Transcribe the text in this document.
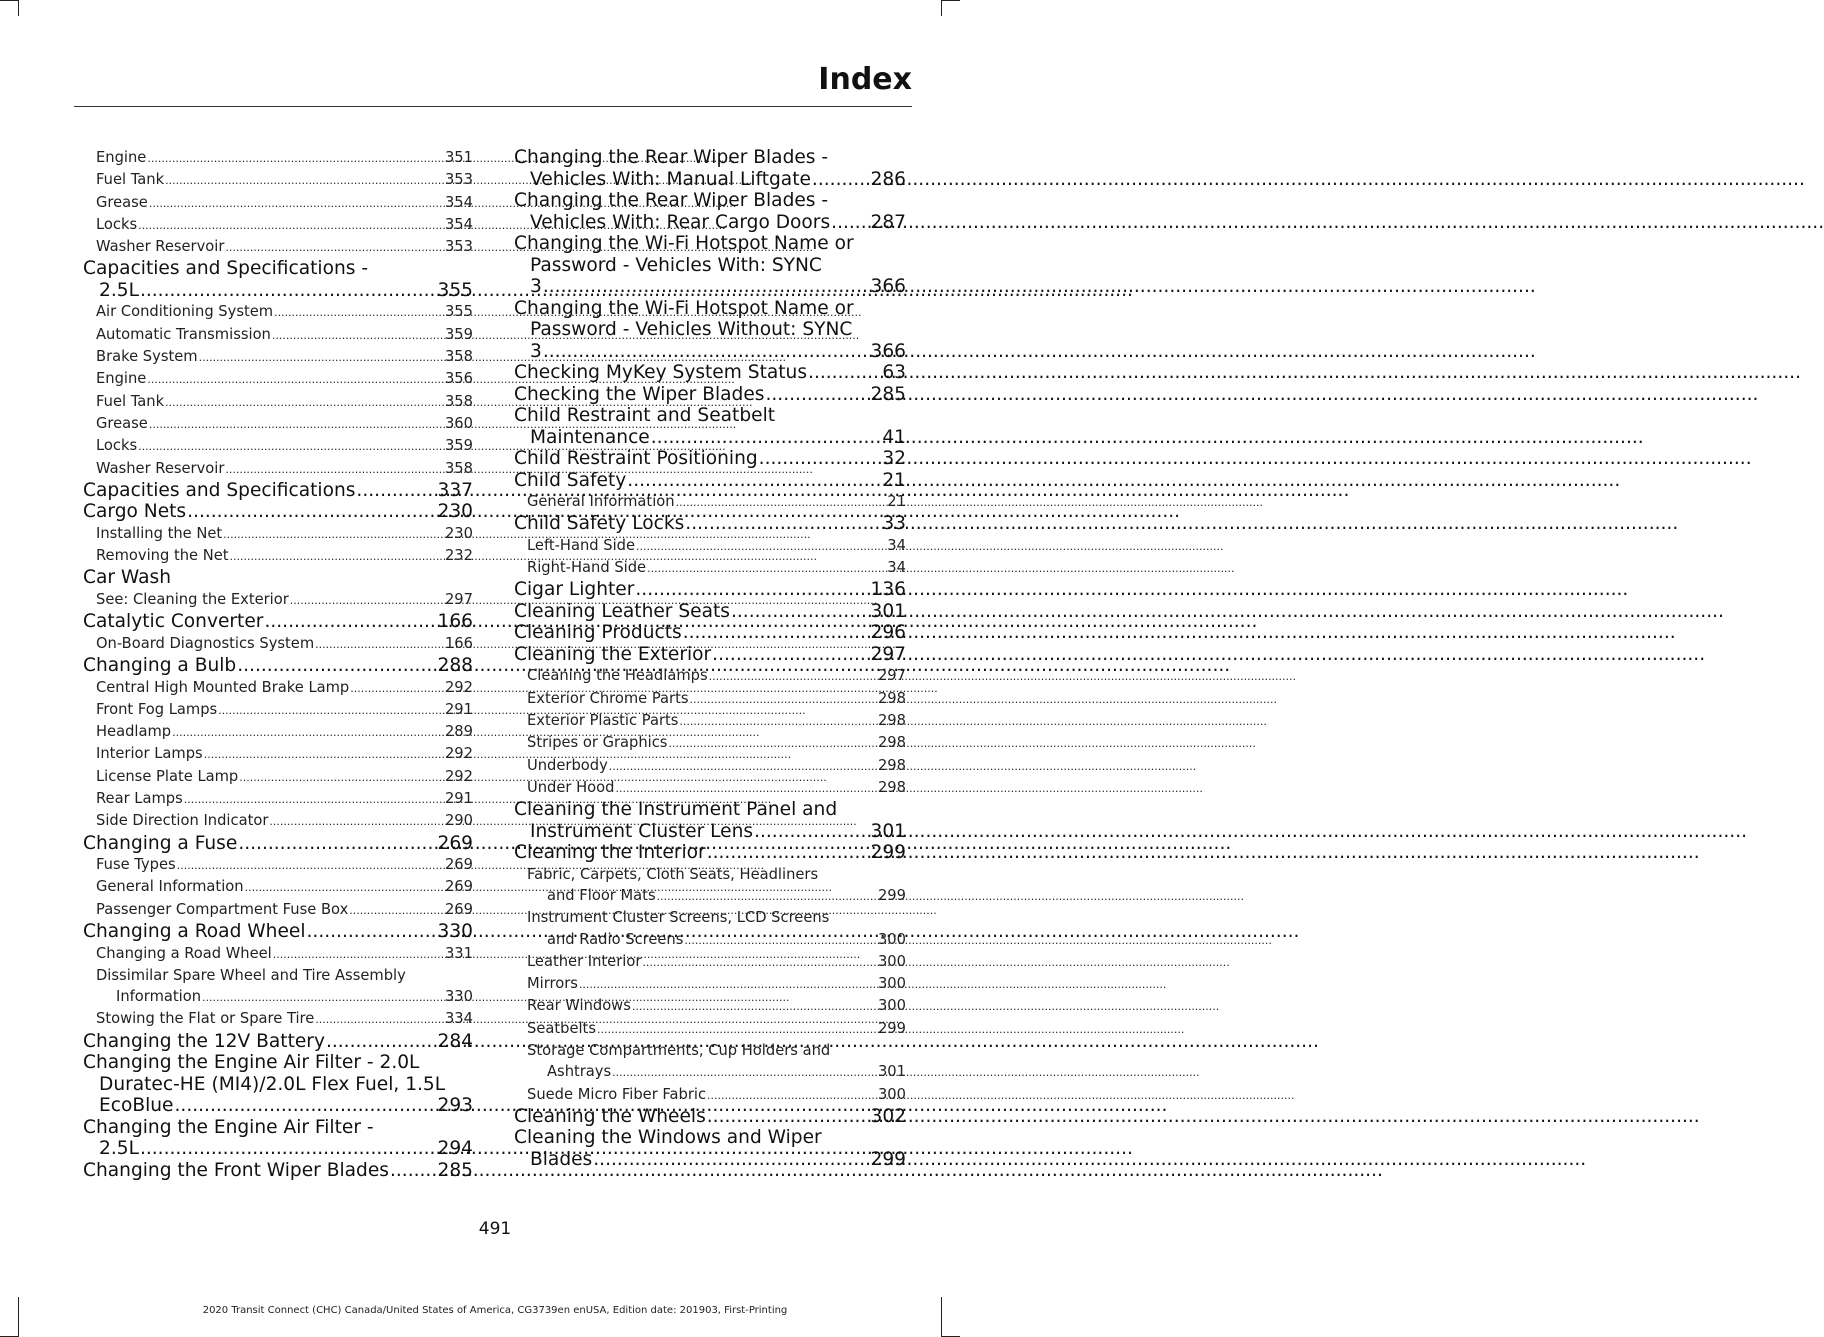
Index
Engine .....	351
Fuel Tank .....	353
Grease .....	354
Locks .....	354
Washer Reservoir .....	353
Capacities and Specifications -
2.5L .....	355
Air Conditioning System .....	355
Automatic Transmission .....	359
Brake System .....	358
Engine .....	356
Fuel Tank .....	358
Grease .....	360
Locks .....	359
Washer Reservoir .....	358
Capacities and Specifications .....	337
Cargo Nets .....	230
Installing the Net .....	230
Removing the Net .....	232
Car Wash
See: Cleaning the Exterior .....	297
Catalytic Converter .....	166
On-Board Diagnostics System .....	166
Changing a Bulb .....	288
Central High Mounted Brake Lamp .....	292
Front Fog Lamps .....	291
Headlamp .....	289
Interior Lamps .....	292
License Plate Lamp .....	292
Rear Lamps .....	291
Side Direction Indicator .....	290
Changing a Fuse .....	269
Fuse Types .....	269
General Information .....	269
Passenger Compartment Fuse Box .....	269
Changing a Road Wheel .....	330
Changing a Road Wheel .....	331
Dissimilar Spare Wheel and Tire Assembly
Information .....	330
Stowing the Flat or Spare Tire .....	334
Changing the 12V Battery .....	284
Changing the Engine Air Filter - 2.0L
Duratec-HE (MI4)/2.0L Flex Fuel, 1.5L
EcoBlue .....	293
Changing the Engine Air Filter -
2.5L .....	294
Changing the Front Wiper Blades .....	285
Changing the Rear Wiper Blades -
Vehicles With: Manual Liftgate .....	286
Changing the Rear Wiper Blades -
Vehicles With: Rear Cargo Doors ..... 287
Changing the Wi-Fi Hotspot Name or
Password - Vehicles With: SYNC
3 .....	366
Changing the Wi-Fi Hotspot Name or
Password - Vehicles Without: SYNC
3 .....	366
Checking MyKey System Status .....	63
Checking the Wiper Blades .....	285
Child Restraint and Seatbelt
Maintenance .....	41
Child Restraint Positioning .....	32
Child Safety .....	21
General Information .....	21
Child Safety Locks .....	33
Left-Hand Side .....	34
Right-Hand Side .....	34
Cigar Lighter .....	136
Cleaning Leather Seats .....	301
Cleaning Products .....	296
Cleaning the Exterior .....	297
Cleaning the Headlamps .....	297
Exterior Chrome Parts .....	298
Exterior Plastic Parts .....	298
Stripes or Graphics .....	298
Underbody .....	298
Under Hood .....	298
Cleaning the Instrument Panel and
Instrument Cluster Lens .....	301
Cleaning the Interior .....	299
Fabric, Carpets, Cloth Seats, Headliners
and Floor Mats .....	299
Instrument Cluster Screens, LCD Screens
and Radio Screens .....	300
Leather Interior .....	300
Mirrors .....	300
Rear Windows .....	300
Seatbelts .....	299
Storage Compartments, Cup Holders and
Ashtrays .....	301
Suede Micro Fiber Fabric .....	300
Cleaning the Wheels .....	302
Cleaning the Windows and Wiper
Blades .....	299
491
2020 Transit Connect (CHC) Canada/United States of America, CG3739en enUSA, Edition date: 201903, First-Printing
